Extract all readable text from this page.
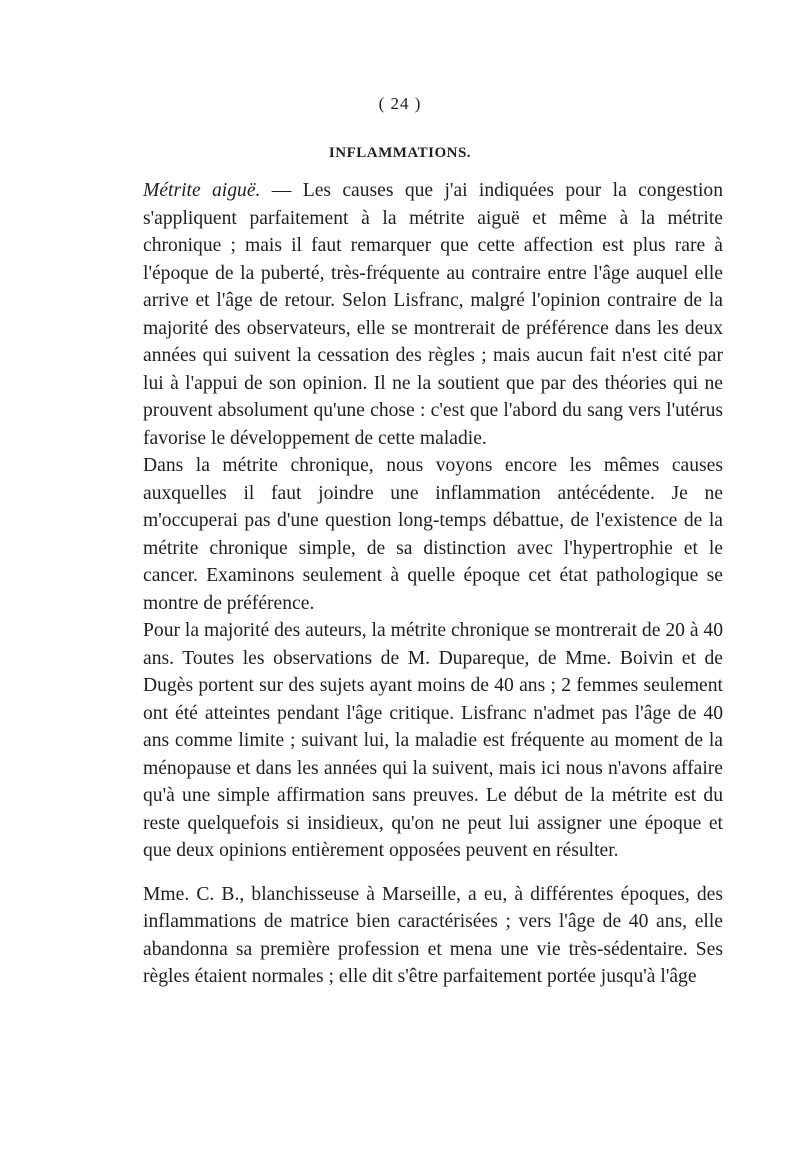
( 24 )
INFLAMMATIONS.

Métrite aiguë. — Les causes que j'ai indiquées pour la congestion s'appliquent parfaitement à la métrite aiguë et même à la métrite chronique ; mais il faut remarquer que cette affection est plus rare à l'époque de la puberté, très-fréquente au contraire entre l'âge auquel elle arrive et l'âge de retour. Selon Lisfranc, malgré l'opinion contraire de la majorité des observateurs, elle se montrerait de préférence dans les deux années qui suivent la cessation des règles ; mais aucun fait n'est cité par lui à l'appui de son opinion. Il ne la soutient que par des théories qui ne prouvent absolument qu'une chose : c'est que l'abord du sang vers l'utérus favorise le développement de cette maladie.

Dans la métrite chronique, nous voyons encore les mêmes causes auxquelles il faut joindre une inflammation antécédente. Je ne m'occuperai pas d'une question long-temps débattue, de l'existence de la métrite chronique simple, de sa distinction avec l'hypertrophie et le cancer. Examinons seulement à quelle époque cet état pathologique se montre de préférence.

Pour la majorité des auteurs, la métrite chronique se montrerait de 20 à 40 ans. Toutes les observations de M. Dupareque, de Mme. Boivin et de Dugès portent sur des sujets ayant moins de 40 ans ; 2 femmes seulement ont été atteintes pendant l'âge critique. Lisfranc n'admet pas l'âge de 40 ans comme limite ; suivant lui, la maladie est fréquente au moment de la ménopause et dans les années qui la suivent, mais ici nous n'avons affaire qu'à une simple affirmation sans preuves. Le début de la métrite est du reste quelquefois si insidieux, qu'on ne peut lui assigner une époque et que deux opinions entièrement opposées peuvent en résulter.

Mme. C. B., blanchisseuse à Marseille, a eu, à différentes époques, des inflammations de matrice bien caractérisées ; vers l'âge de 40 ans, elle abandonna sa première profession et mena une vie très-sédentaire. Ses règles étaient normales ; elle dit s'être parfaitement portée jusqu'à l'âge
